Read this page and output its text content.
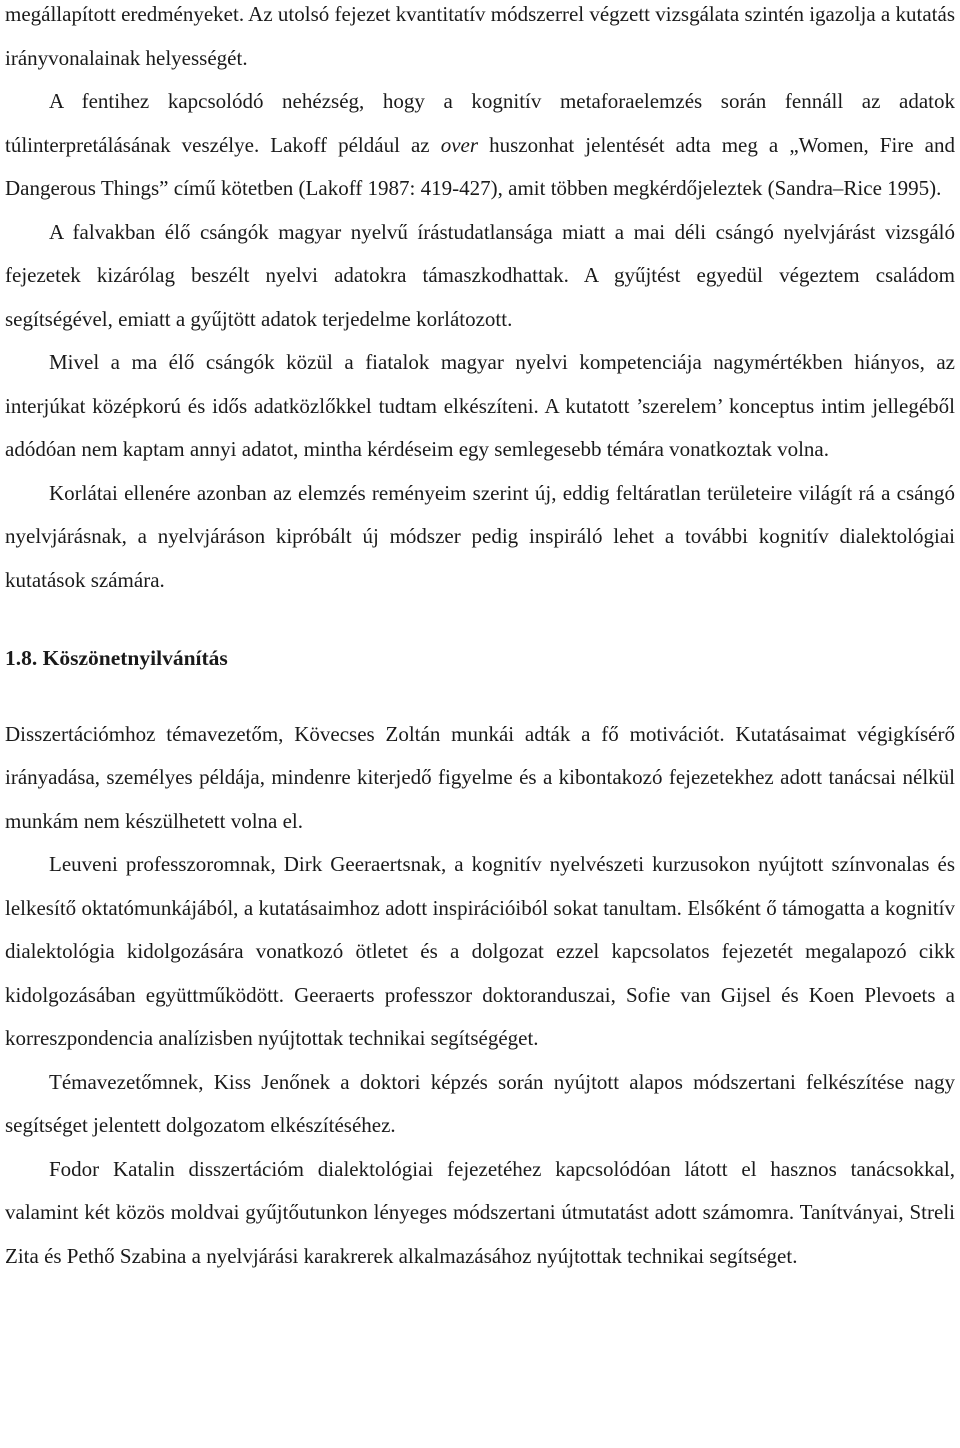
megállapított eredményeket. Az utolsó fejezet kvantitatív módszerrel végzett vizsgálata szintén igazolja a kutatás irányvonalainak helyességét.

A fentihez kapcsolódó nehézség, hogy a kognitív metaforaelemzés során fennáll az adatok túlinterpretálásának veszélye. Lakoff például az over huszonhat jelentését adta meg a „Women, Fire and Dangerous Things” című kötetben (Lakoff 1987: 419-427), amit többen megkérdőjeleztek (Sandra–Rice 1995).

A falvakban élő csángók magyar nyelvű írástudatlansága miatt a mai déli csángó nyelvjárást vizsgáló fejezetek kizárólag beszélt nyelvi adatokra támaszkodhattak. A gyűjtést egyedül végeztem családom segítségével, emiatt a gyűjtött adatok terjedelme korlátozott.

Mivel a ma élő csángók közül a fiatalok magyar nyelvi kompetenciája nagymértékben hiányos, az interjúkat középkorú és idős adatközlőkkel tudtam elkészíteni. A kutatott ’szerelem’ konceptus intim jellegéből adódóan nem kaptam annyi adatot, mintha kérdéseim egy semlegesebb témára vonatkoztak volna.

Korlátai ellenére azonban az elemzés reményeim szerint új, eddig feltáratlan területeire világít rá a csángó nyelvjárásnak, a nyelvjáráson kipróbált új módszer pedig inspiráló lehet a további kognitív dialektológiai kutatások számára.

1.8. Köszönetnyilvánítás

Disszertációmhoz témavezetőm, Kövecses Zoltán munkái adták a fő motivációt. Kutatásaimat végigkísérő irányadása, személyes példája, mindenre kiterjedő figyelme és a kibontakozó fejezetekhez adott tanácsai nélkül munkám nem készülhetett volna el.

Leuveni professzoromnak, Dirk Geeraertsnak, a kognitív nyelvészeti kurzusokon nyújtott színvonalas és lelkesítő oktatómunkájából, a kutatásaimhoz adott inspirációiból sokat tanultam. Elsőként ő támogatta a kognitív dialektológia kidolgozására vonatkozó ötletet és a dolgozat ezzel kapcsolatos fejezetét megalapozó cikk kidolgozásában együttműködött. Geeraerts professzor doktoranduszai, Sofie van Gijsel és Koen Plevoets a korreszpondencia analízisben nyújtottak technikai segítségéget.

Témavezetőmnek, Kiss Jenőnek a doktori képzés során nyújtott alapos módszertani felkészítése nagy segítséget jelentett dolgozatom elkészítéséhez.

Fodor Katalin disszertációm dialektológiai fejezetéhez kapcsolódóan látott el hasznos tanácsokkal, valamint két közös moldvai gyűjtőutunkon lényeges módszertani útmutatást adott számomra. Tanítványai, Streli Zita és Pethő Szabina a nyelvjárási karakrerek alkalmazásához nyújtottak technikai segítséget.
